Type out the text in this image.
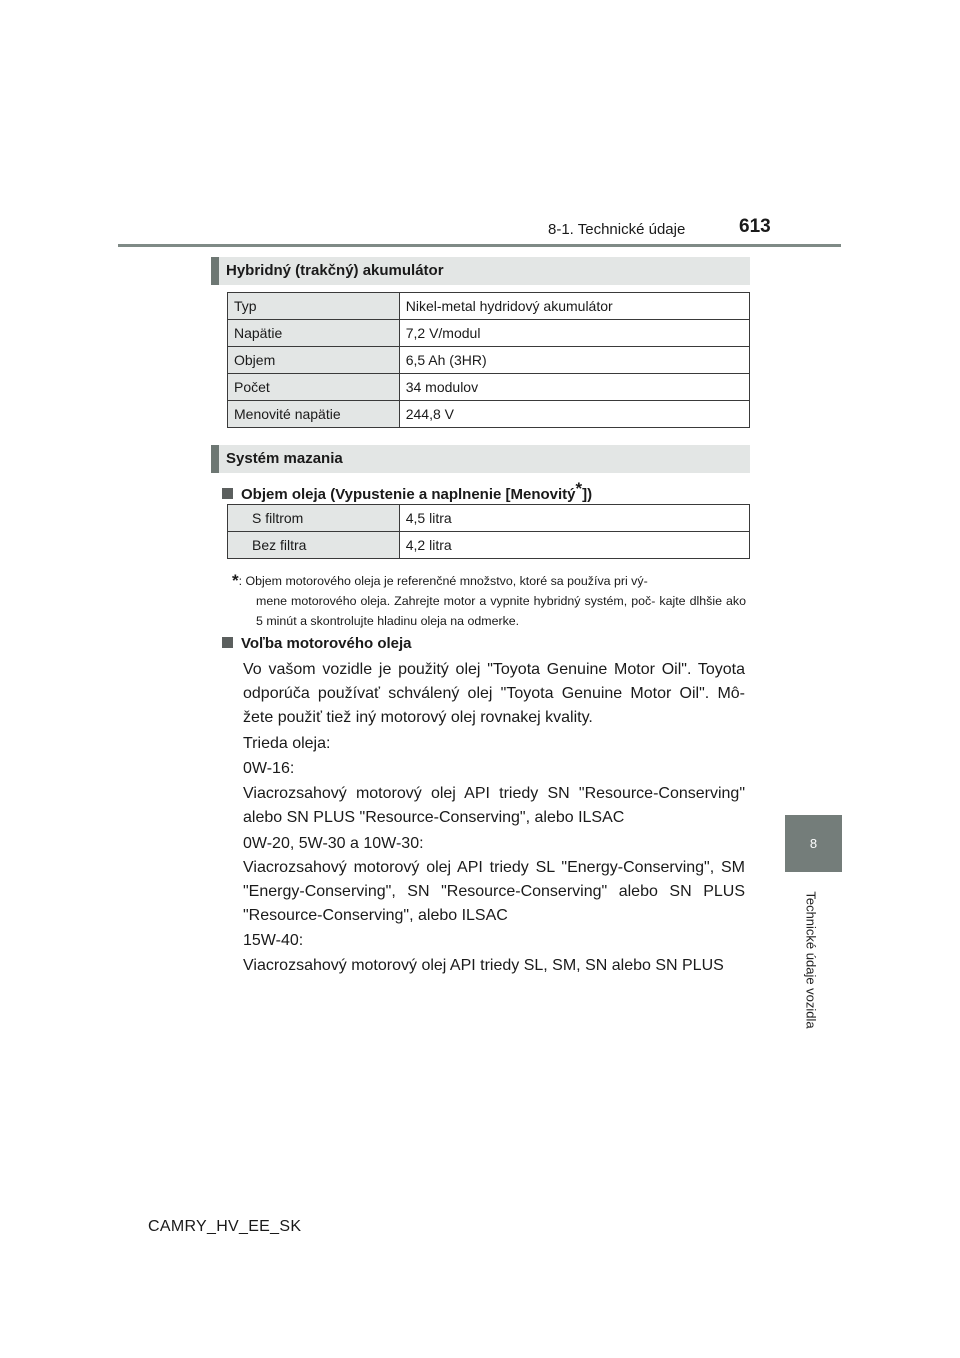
8-1. Technické údaje	613
8
Technické údaje vozidla
Hybridný (trakčný) akumulátor
Typ	Nikel-metal hydridový akumulátor
Napätie	7,2 V/modul
Objem	6,5 Ah (3HR)
Počet	34 modulov
Menovité napätie	244,8 V
Systém mazania
Objem oleja (Vypustenie a naplnenie [Menovitý*])
S filtrom	4,5 litra
Bez filtra	4,2 litra
*: Objem motorového oleja je referenčné množstvo, ktoré sa používa pri vý-
mene motorového oleja. Zahrejte motor a vypnite hybridný systém, poč- kajte dlhšie ako 5 minút a skontrolujte hladinu oleja na odmerke.
Voľba motorového oleja
Vo vašom vozidle je použitý olej "Toyota Genuine Motor Oil". Toyota odporúča používať schválený olej "Toyota Genuine Motor Oil". Mô- žete použiť tiež iný motorový olej rovnakej kvality.
Trieda oleja:
0W-16:
Viacrozsahový motorový olej API triedy SN "Resource-Conserving" alebo SN PLUS "Resource-Conserving", alebo ILSAC
0W-20, 5W-30 a 10W-30:
Viacrozsahový motorový olej API triedy SL "Energy-Conserving", SM "Energy-Conserving", SN "Resource-Conserving" alebo SN PLUS "Resource-Conserving", alebo ILSAC
15W-40:
Viacrozsahový motorový olej API triedy SL, SM, SN alebo SN PLUS
CAMRY_HV_EE_SK
